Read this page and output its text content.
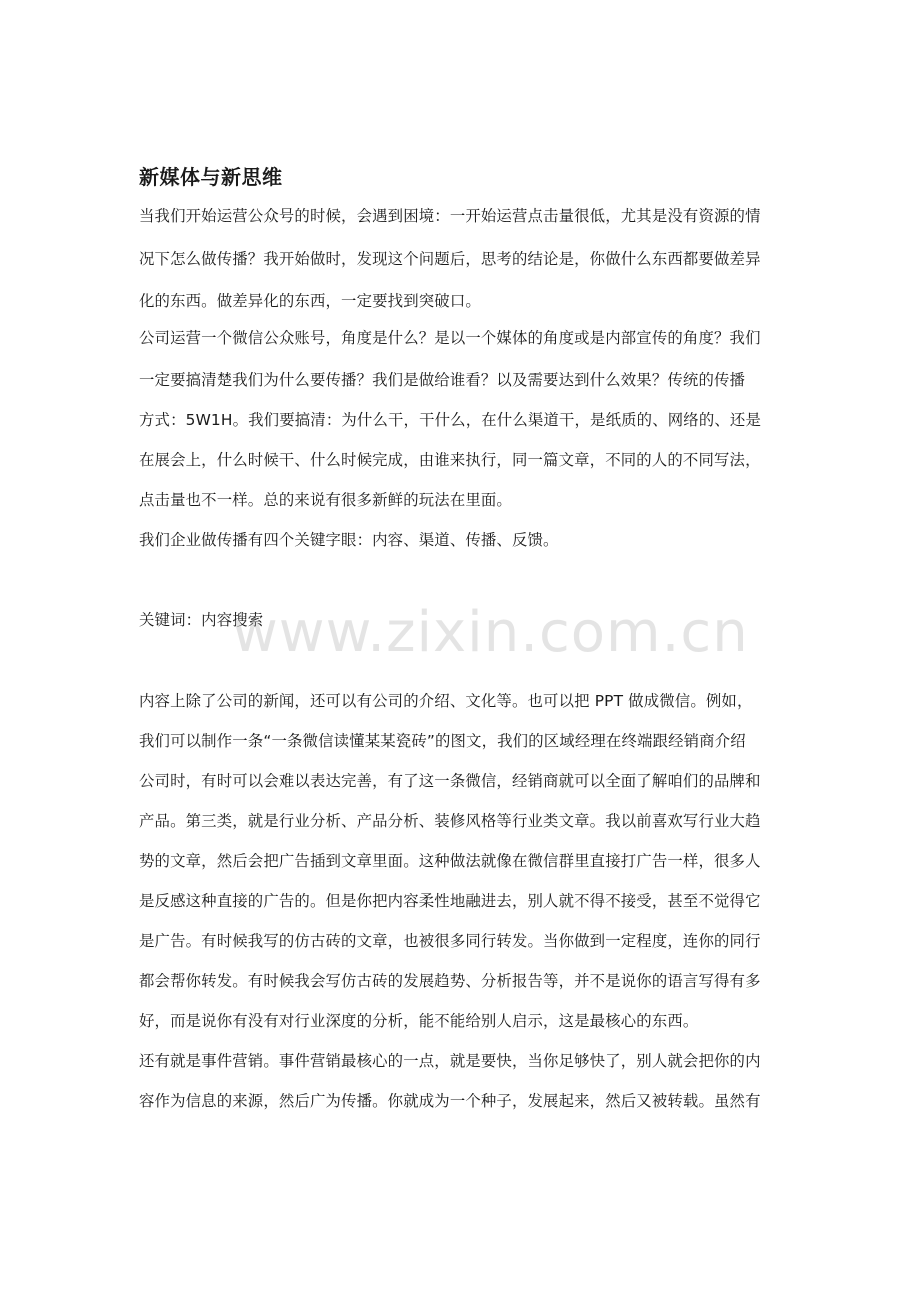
新媒体与新思维
当我们开始运营公众号的时候，会遇到困境：一开始运营点击量很低，尤其是没有资源的情
况下怎么做传播？我开始做时，发现这个问题后，思考的结论是，你做什么东西都要做差异
化的东西。做差异化的东西，一定要找到突破口。
公司运营一个微信公众账号，角度是什么？是以一个媒体的角度或是内部宣传的角度？我们
一定要搞清楚我们为什么要传播？我们是做给谁看？以及需要达到什么效果？传统的传播
方式：5W1H。我们要搞清：为什么干，干什么，在什么渠道干，是纸质的、网络的、还是
在展会上，什么时候干、什么时候完成，由谁来执行，同一篇文章，不同的人的不同写法，
点击量也不一样。总的来说有很多新鲜的玩法在里面。
我们企业做传播有四个关键字眼：内容、渠道、传播、反馈。
关键词：内容搜索
内容上除了公司的新闻，还可以有公司的介绍、文化等。也可以把 PPT 做成微信。例如，
我们可以制作一条“一条微信读懂某某瓷砖”的图文，我们的区域经理在终端跟经销商介绍
公司时，有时可以会难以表达完善，有了这一条微信，经销商就可以全面了解咱们的品牌和
产品。第三类，就是行业分析、产品分析、装修风格等行业类文章。我以前喜欢写行业大趋
势的文章，然后会把广告插到文章里面。这种做法就像在微信群里直接打广告一样，很多人
是反感这种直接的广告的。但是你把内容柔性地融进去，别人就不得不接受，甚至不觉得它
是广告。有时候我写的仿古砖的文章，也被很多同行转发。当你做到一定程度，连你的同行
都会帮你转发。有时候我会写仿古砖的发展趋势、分析报告等，并不是说你的语言写得有多
好，而是说你有没有对行业深度的分析，能不能给别人启示，这是最核心的东西。
还有就是事件营销。事件营销最核心的一点，就是要快，当你足够快了，别人就会把你的内
容作为信息的来源，然后广为传播。你就成为一个种子，发展起来，然后又被转载。虽然有
www.zixin.com.cn
